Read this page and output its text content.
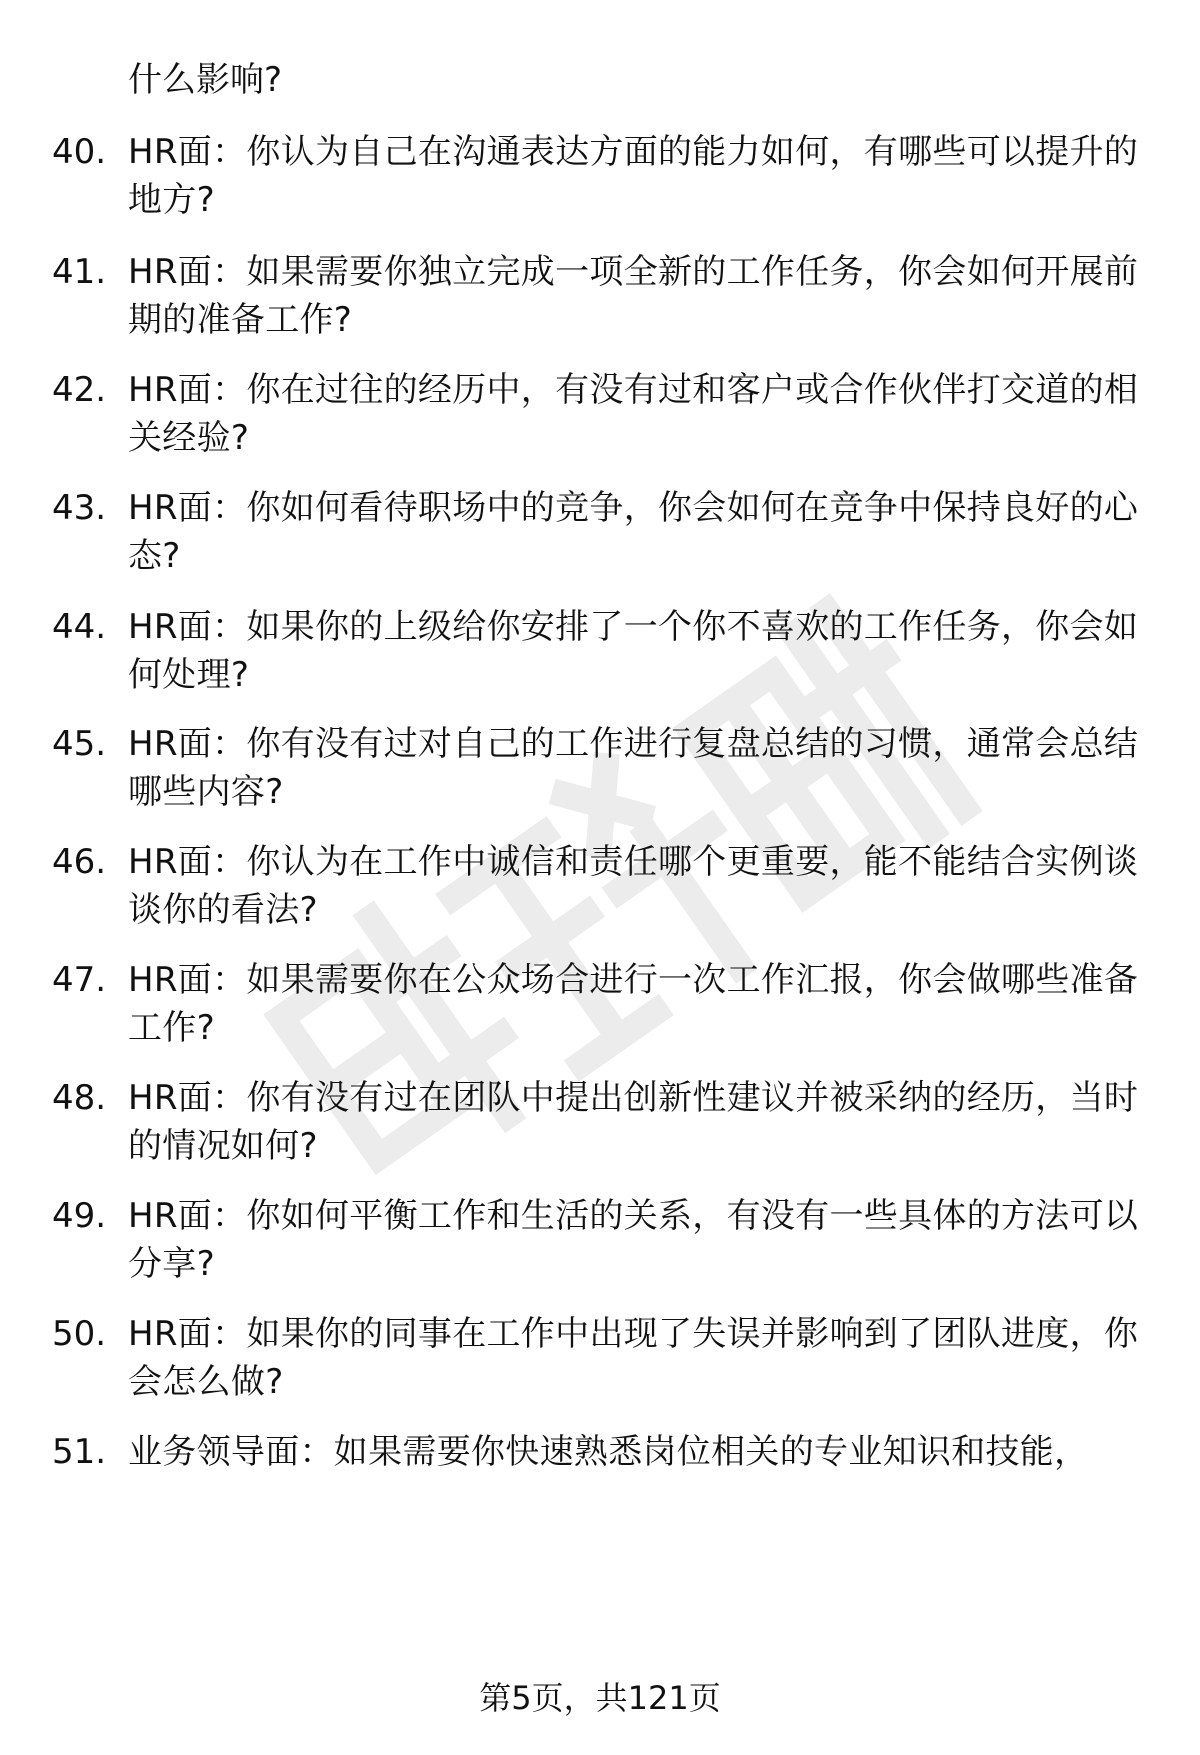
什么影响?
40. HR面：你认为自己在沟通表达方面的能力如何，有哪些可以提升的地方?
41. HR面：如果需要你独立完成一项全新的工作任务，你会如何开展前期的准备工作?
42. HR面：你在过往的经历中，有没有过和客户或合作伙伴打交道的相关经验?
43. HR面：你如何看待职场中的竞争，你会如何在竞争中保持良好的心态?
44. HR面：如果你的上级给你安排了一个你不喜欢的工作任务，你会如何处理?
45. HR面：你有没有过对自己的工作进行复盘总结的习惯，通常会总结哪些内容?
46. HR面：你认为在工作中诚信和责任哪个更重要，能不能结合实例谈谈你的看法?
47. HR面：如果需要你在公众场合进行一次工作汇报，你会做哪些准备工作?
48. HR面：你有没有过在团队中提出创新性建议并被采纳的经历，当时的情况如何?
49. HR面：你如何平衡工作和生活的关系，有没有一些具体的方法可以分享?
50. HR面：如果你的同事在工作中出现了失误并影响到了团队进度，你会怎么做?
51. 业务领导面：如果需要你快速熟悉岗位相关的专业知识和技能，
第5页，共121页
